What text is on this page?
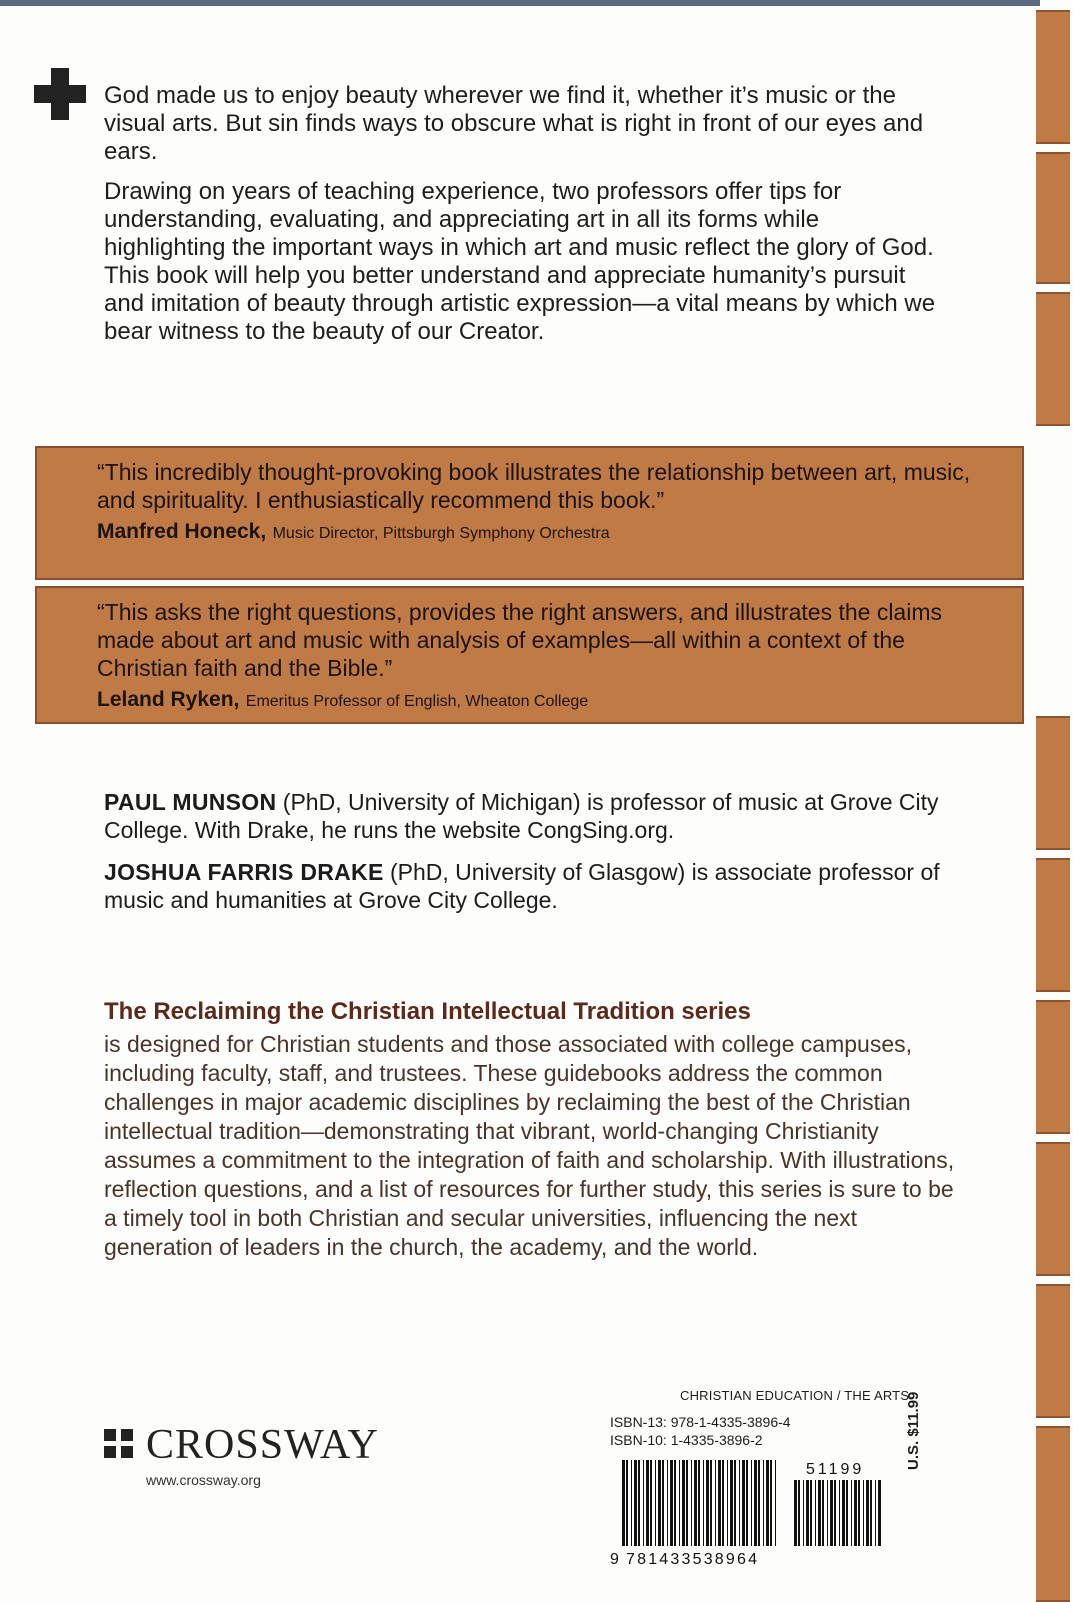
God made us to enjoy beauty wherever we find it, whether it’s music or the visual arts. But sin finds ways to obscure what is right in front of our eyes and ears.

Drawing on years of teaching experience, two professors offer tips for understanding, evaluating, and appreciating art in all its forms while highlighting the important ways in which art and music reflect the glory of God. This book will help you better understand and appreciate humanity’s pursuit and imitation of beauty through artistic expression—a vital means by which we bear witness to the beauty of our Creator.

“This incredibly thought-provoking book illustrates the relationship between art, music, and spirituality. I enthusiastically recommend this book.”
Manfred Honeck, Music Director, Pittsburgh Symphony Orchestra
“This asks the right questions, provides the right answers, and illustrates the claims made about art and music with analysis of examples—all within a context of the Christian faith and the Bible.”
Leland Ryken, Emeritus Professor of English, Wheaton College
PAUL MUNSON (PhD, University of Michigan) is professor of music at Grove City College. With Drake, he runs the website CongSing.org.
JOSHUA FARRIS DRAKE (PhD, University of Glasgow) is associate professor of music and humanities at Grove City College.
The Reclaiming the Christian Intellectual Tradition series
is designed for Christian students and those associated with college campuses, including faculty, staff, and trustees. These guidebooks address the common challenges in major academic disciplines by reclaiming the best of the Christian intellectual tradition—demonstrating that vibrant, world-changing Christianity assumes a commitment to the integration of faith and scholarship. With illustrations, reflection questions, and a list of resources for further study, this series is sure to be a timely tool in both Christian and secular universities, influencing the next generation of leaders in the church, the academy, and the world.
CHRISTIAN EDUCATION / THE ARTS
ISBN-13: 978-1-4335-3896-4
ISBN-10: 1-4335-3896-2
CROSSWAY
www.crossway.org
9 781433538964
51199	U.S. $11.99
